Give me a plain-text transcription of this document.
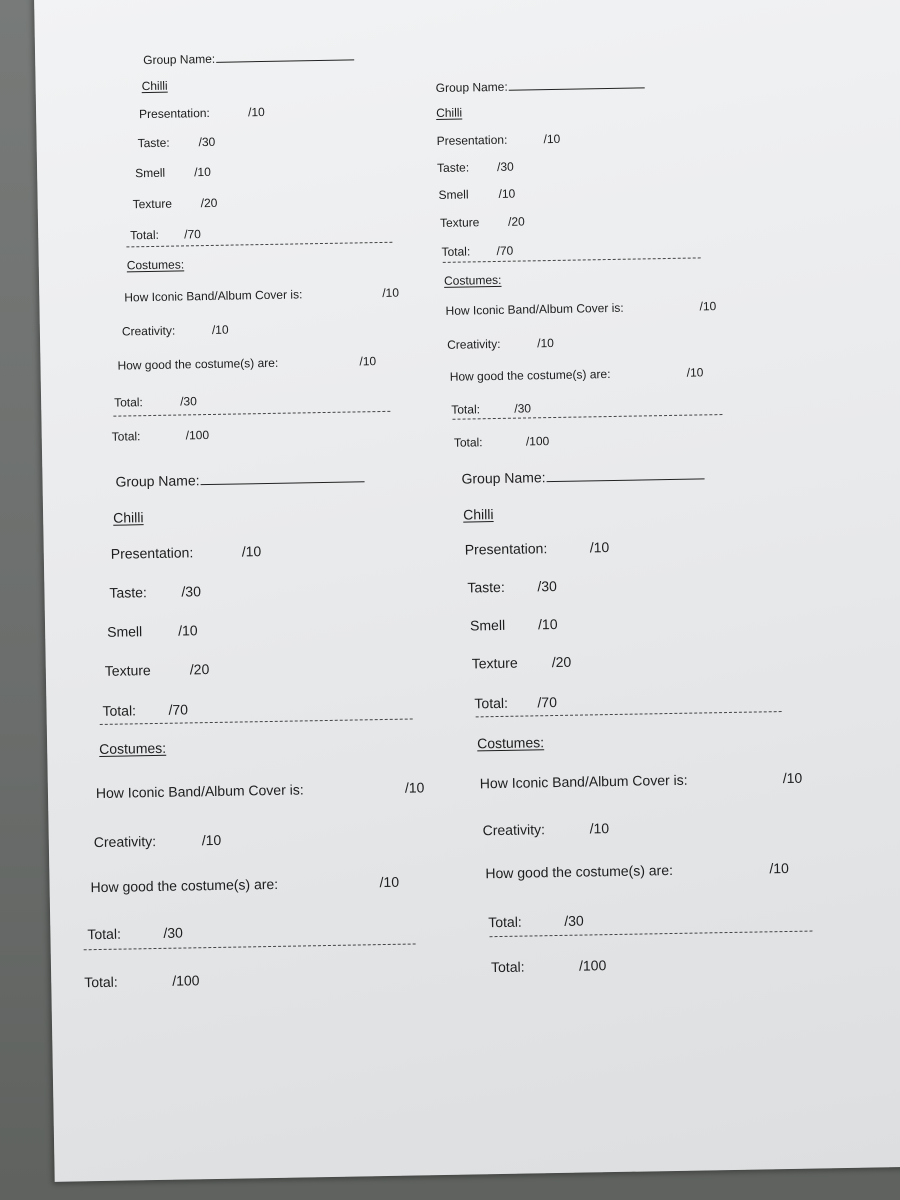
Group Name:
Chilli
Presentation:	/10
Taste: /30
Smell /10
Texture /20
Total: /70
Costumes:
How Iconic Band/Album Cover is:	/10
Creativity:	/10
How good the costume(s) are:	/10
Total:	/30
Total:	/100
Group Name:
Chilli
Presentation:	/10
Taste: /30
Smell /10
Texture /20
Total: /70
Costumes:
How Iconic Band/Album Cover is:	/10
Creativity:	/10
How good the costume(s) are:	/10
Total:	/30
Total:	/100
Group Name:
Chilli
Presentation:	/10
Taste: /30
Smell	/10
Texture	/20
Total: /70
Costumes:
How Iconic Band/Album Cover is:	/10
Creativity:	/10
How good the costume(s) are:	/10
Total:	/30
Total:	/100
Group Name:
Chilli
Presentation:	/10
Taste: /30
Smell /10
Texture /20
Total: /70
Costumes:
How Iconic Band/Album Cover is:	/10
Creativity:	/10
How good the costume(s) are:	/10
Total:	/30
Total:	/100
